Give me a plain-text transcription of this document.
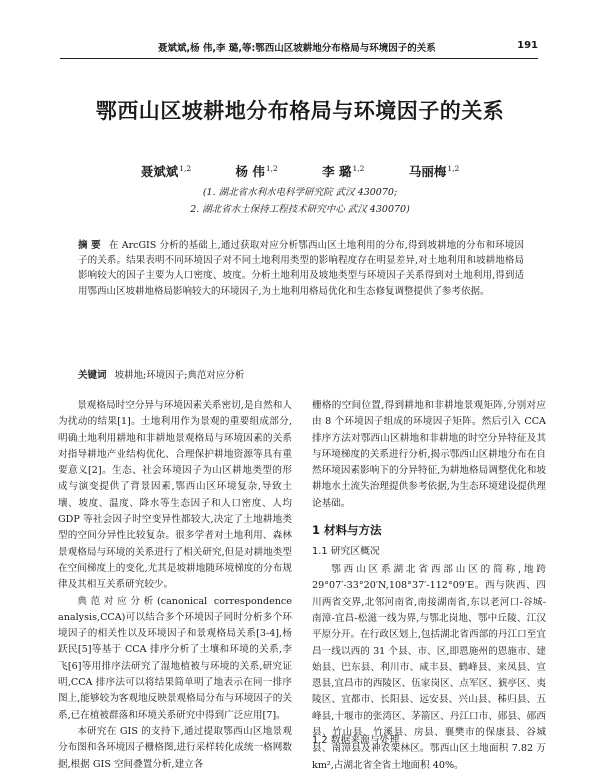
聂斌斌,杨 伟,李 璐,等:鄂西山区坡耕地分布格局与环境因子的关系	191
鄂西山区坡耕地分布格局与环境因子的关系
聂斌斌$^{1,2}$	杨 伟$^{1,2}$	李 璐$^{1,2}$	马丽梅$^{1,2}$
(1. 湖北省水利水电科学研究院 武汉 430070;
2. 湖北省水土保持工程技术研究中心 武汉 430070)
摘 要 在 ArcGIS 分析的基础上,通过获取对应分析鄂西山区土地利用的分布,得到坡耕地的分布和环境因子的关系。结果表明不同环境因子对不同土地利用类型的影响程度存在明显差异,对土地利用和坡耕地格局影响较大的因子主要为人口密度、坡度。分析土地利用及坡地类型与环境因子关系得到对土地利用,得到适用鄂西山区坡耕地格局影响较大的环境因子,为土地利用格局优化和生态修复调整提供了参考依据。
关键词 坡耕地;环境因子;典范对应分析

景观格局时空分异与环境因素关系密切,是自然和人为扰动的结果[1]。土地利用作为景观的重要组成部分,明确土地利用耕地和非耕地景观格局与环境因素的关系对指导耕地产业结构优化、合理保护耕地资源等具有重要意义[2]。生态、社会环境因子为山区耕地类型的形成与演变提供了背景因素,鄂西山区环境复杂,导致土壤、坡度、温度、降水等生态因子和人口密度、人均 GDP 等社会因子时空变异性都较大,决定了土地耕地类型的空间分异性比较复杂。很多学者对土地利用、森林景观格局与环境的关系进行了相关研究,但是对耕地类型在空间梯度上的变化,尤其是坡耕地随环境梯度的分布规律及其相互关系研究较少。

典范对应分析(canonical correspondence analysis,CCA)可以结合多个环境因子同时分析多个环境因子的相关性以及环境因子和景观格局关系[3-4],杨跃民[5]等基于 CCA 排序分析了土壤和环境的关系,李飞[6]等用排序法研究了湿地植被与环境的关系,研究证明,CCA 排序法可以将结果简单明了地表示在同一排序图上,能够较为客观地反映景观格局分布与环境因子的关系,已在植被群落和环境关系研究中得到广泛应用[7]。

本研究在 GIS 的支持下,通过提取鄂西山区地景观分布图和各环境因子栅格图,进行采样转化成统一格网数据,根据 GIS 空间叠置分析,建立各

栅格的空间位置,得到耕地和非耕地景观矩阵,分别对应由 8 个环境因子组成的环境因子矩阵。然后引入 CCA 排序方法对鄂西山区耕地和非耕地的时空分异特征及其与环境梯度的关系进行分析,揭示鄂西山区耕地分布在自然环境因素影响下的分异特征,为耕地格局调整优化和坡耕地水土流失治理提供参考依据,为生态环境建设提供理论基础。

1 材料与方法
1.1 研究区概况

鄂西山区系湖北省西部山区的简称,地跨 29°07′-33°20′N,108°37′-112°09′E。西与陕西、四川两省交界,北邻河南省,南接湖南省,东以老河口-谷城-南漳-宜昌-松滋一线为界,与鄂北岗地、鄂中丘陵、江汉平原分开。在行政区划上,包括湖北省西部的丹江口至宜昌一线以西的 31 个县、市、区,即恩施州的恩施市、建始县、巴东县、利川市、咸丰县、鹤峰县、来凤县、宣恩县,宜昌市的西陵区、伍家岗区、点军区、猇亭区、夷陵区、宜都市、长阳县、远安县、兴山县、秭归县、五峰县,十堰市的张湾区、茅箭区、丹江口市、郧县、郧西县、竹山县、竹溪县、房县、襄樊市的保康县、谷城县、南漳县及神农架林区。鄂西山区土地面积 7.82 万 km²,占湖北省全省土地面积 40%。

1.2 数据来源与处理
